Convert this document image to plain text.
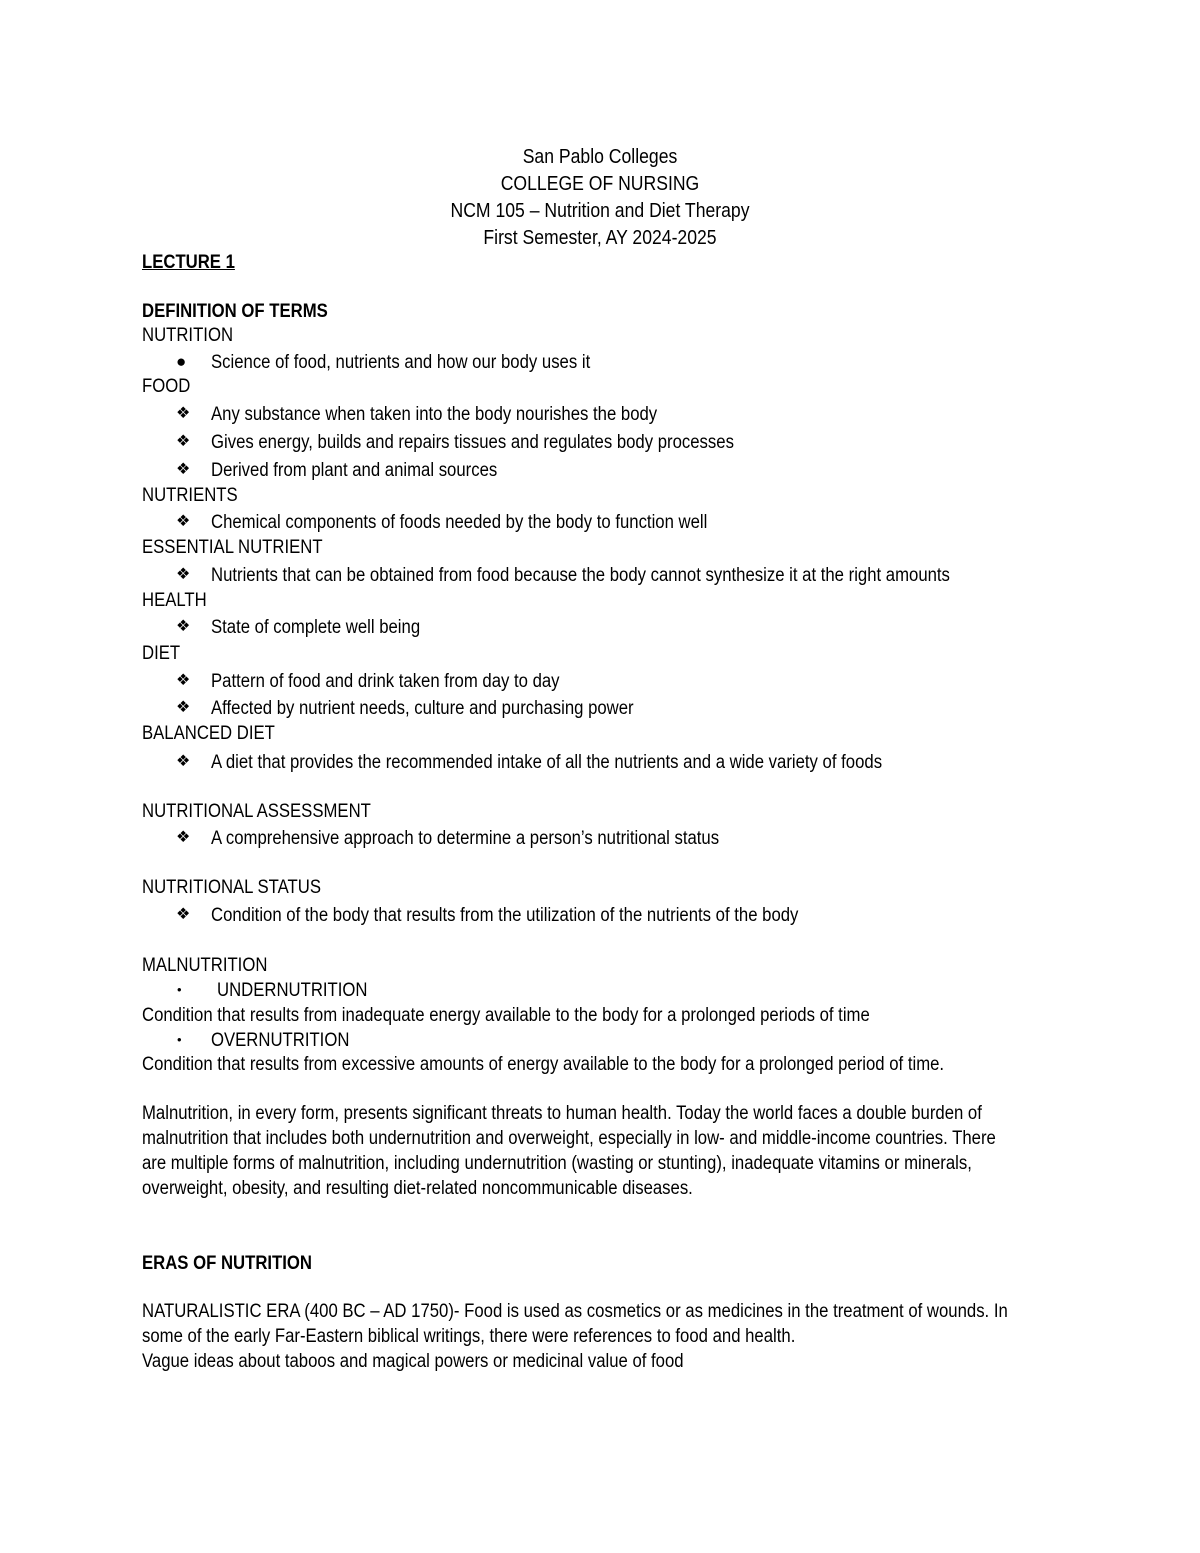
San Pablo Colleges
COLLEGE OF NURSING
NCM 105 – Nutrition and Diet Therapy
First Semester, AY 2024-2025
LECTURE 1
DEFINITION OF TERMS
NUTRITION
● Science of food, nutrients and how our body uses it
FOOD
❖ Any substance when taken into the body nourishes the body
❖ Gives energy, builds and repairs tissues and regulates body processes
❖ Derived from plant and animal sources
NUTRIENTS
❖ Chemical components of foods needed by the body to function well
ESSENTIAL NUTRIENT
❖ Nutrients that can be obtained from food because the body cannot synthesize it at the right amounts
HEALTH
❖ State of complete well being
DIET
❖ Pattern of food and drink taken from day to day
❖ Affected by nutrient needs, culture and purchasing power
BALANCED DIET
❖ A diet that provides the recommended intake of all the nutrients and a wide variety of foods
NUTRITIONAL ASSESSMENT
❖ A comprehensive approach to determine a person’s nutritional status
NUTRITIONAL STATUS
❖ Condition of the body that results from the utilization of the nutrients of the body
MALNUTRITION
• UNDERNUTRITION
Condition that results from inadequate energy available to the body for a prolonged periods of time
• OVERNUTRITION
Condition that results from excessive amounts of energy available to the body for a prolonged period of time.
Malnutrition, in every form, presents significant threats to human health. Today the world faces a double burden of
malnutrition that includes both undernutrition and overweight, especially in low- and middle-income countries. There
are multiple forms of malnutrition, including undernutrition (wasting or stunting), inadequate vitamins or minerals,
overweight, obesity, and resulting diet-related noncommunicable diseases.
ERAS OF NUTRITION
NATURALISTIC ERA (400 BC – AD 1750)- Food is used as cosmetics or as medicines in the treatment of wounds. In
some of the early Far-Eastern biblical writings, there were references to food and health.
Vague ideas about taboos and magical powers or medicinal value of food
